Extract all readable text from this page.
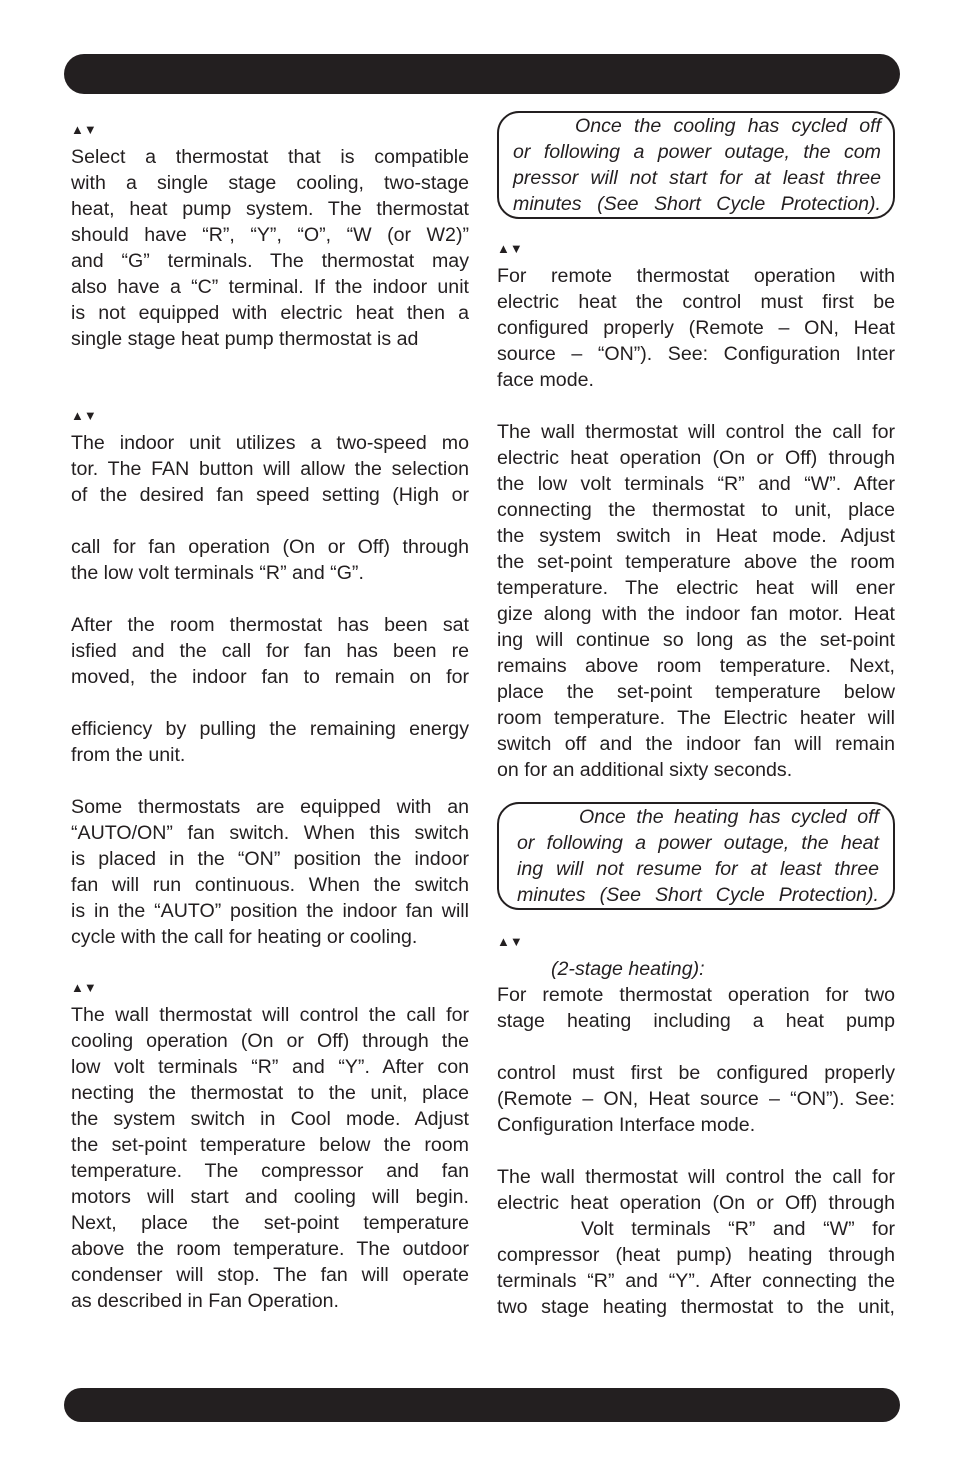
▲▼
Select a thermostat that is compatible
with a single stage cooling, two-stage
heat, heat pump system. The thermostat
should have “R”, “Y”, “O”, “W (or W2)”
and “G” terminals. The thermostat may
also have a “C” terminal. If the indoor unit
is not equipped with electric heat then a
single stage heat pump thermostat is ad
▲▼
The indoor unit utilizes a two-speed mo
tor. The FAN button will allow the selection
of the desired fan speed setting (High or
call for fan operation (On or Off) through
the low volt terminals “R” and “G”.
After the room thermostat has been sat
isfied and the call for fan has been re
moved, the indoor fan to remain on for
efficiency by pulling the remaining energy
from the unit.
Some thermostats are equipped with an
“AUTO/ON” fan switch. When this switch
is placed in the “ON” position the indoor
fan will run continuous. When the switch
is in the “AUTO” position the indoor fan will
cycle with the call for heating or cooling.
▲▼
The wall thermostat will control the call for
cooling operation (On or Off) through the
low volt terminals “R” and “Y”. After con
necting the thermostat to the unit, place
the system switch in Cool mode. Adjust
the set-point temperature below the room
temperature. The compressor and fan
motors will start and cooling will begin.
Next, place the set-point temperature
above the room temperature. The outdoor
condenser will stop. The fan will operate
as described in Fan Operation.
Once the cooling has cycled off
or following a power outage, the com
pressor will not start for at least three
minutes (See Short Cycle Protection).
▲▼
For remote thermostat operation with
electric heat the control must first be
configured properly (Remote – ON, Heat
source – “ON”). See: Configuration Inter
face mode.
The wall thermostat will control the call for
electric heat operation (On or Off) through
the low volt terminals “R” and “W”. After
connecting the thermostat to unit, place
the system switch in Heat mode. Adjust
the set-point temperature above the room
temperature. The electric heat will ener
gize along with the indoor fan motor. Heat
ing will continue so long as the set-point
remains above room temperature. Next,
place the set-point temperature below
room temperature. The Electric heater will
switch off and the indoor fan will remain
on for an additional sixty seconds.
Once the heating has cycled off
or following a power outage, the heat
ing will not resume for at least three
minutes (See Short Cycle Protection).
▲▼
(2-stage heating):
For remote thermostat operation for two
stage heating including a heat pump
control must first be configured properly
(Remote – ON, Heat source – “ON”). See:
Configuration Interface mode.
The wall thermostat will control the call for
electric heat operation (On or Off) through
Volt terminals “R” and “W” for
compressor (heat pump) heating through
terminals “R” and “Y”. After connecting the
two stage heating thermostat to the unit,
